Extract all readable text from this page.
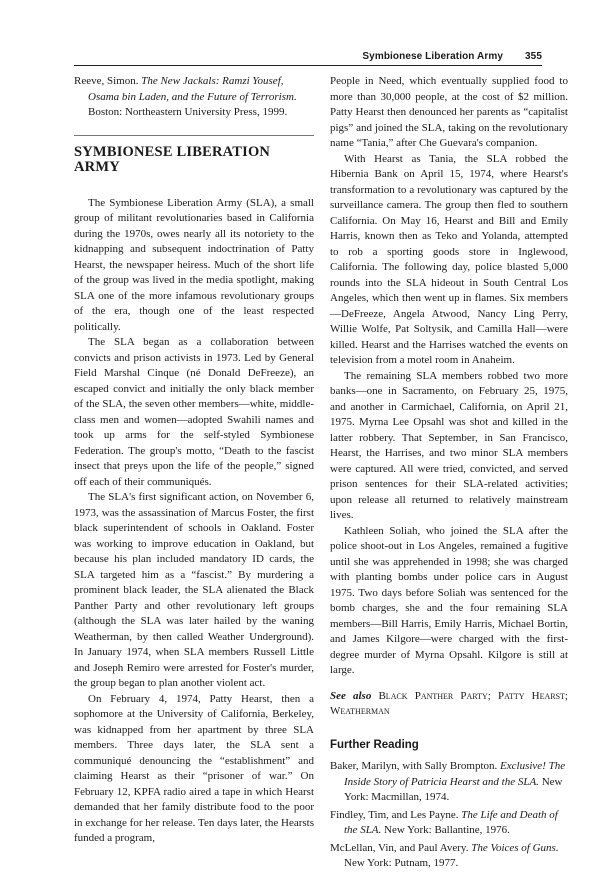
Symbionese Liberation Army 355

Reeve, Simon. The New Jackals: Ramzi Yousef, Osama bin Laden, and the Future of Terrorism. Boston: Northeastern University Press, 1999.

SYMBIONESE LIBERATION ARMY

The Symbionese Liberation Army (SLA), a small group of militant revolutionaries based in California during the 1970s, owes nearly all its notoriety to the kidnapping and subsequent indoctrination of Patty Hearst, the newspaper heiress. Much of the short life of the group was lived in the media spotlight, making SLA one of the more infamous revolutionary groups of the era, though one of the least respected politically.

The SLA began as a collaboration between convicts and prison activists in 1973. Led by General Field Marshal Cinque (né Donald DeFreeze), an escaped convict and initially the only black member of the SLA, the seven other members—white, middle-class men and women—adopted Swahili names and took up arms for the self-styled Symbionese Federation. The group's motto, “Death to the fascist insect that preys upon the life of the people,” signed off each of their communiqués.

The SLA's first significant action, on November 6, 1973, was the assassination of Marcus Foster, the first black superintendent of schools in Oakland. Foster was working to improve education in Oakland, but because his plan included mandatory ID cards, the SLA targeted him as a “fascist.” By murdering a prominent black leader, the SLA alienated the Black Panther Party and other revolutionary left groups (although the SLA was later hailed by the waning Weatherman, by then called Weather Underground). In January 1974, when SLA members Russell Little and Joseph Remiro were arrested for Foster's murder, the group began to plan another violent act.

On February 4, 1974, Patty Hearst, then a sophomore at the University of California, Berkeley, was kidnapped from her apartment by three SLA members. Three days later, the SLA sent a communiqué denouncing the “establishment” and claiming Hearst as their “prisoner of war.” On February 12, KPFA radio aired a tape in which Hearst demanded that her family distribute food to the poor in exchange for her release. Ten days later, the Hearsts funded a program,

People in Need, which eventually supplied food to more than 30,000 people, at the cost of $2 million. Patty Hearst then denounced her parents as “capitalist pigs” and joined the SLA, taking on the revolutionary name “Tania,” after Che Guevara's companion.

With Hearst as Tania, the SLA robbed the Hibernia Bank on April 15, 1974, where Hearst's transformation to a revolutionary was captured by the surveillance camera. The group then fled to southern California. On May 16, Hearst and Bill and Emily Harris, known then as Teko and Yolanda, attempted to rob a sporting goods store in Inglewood, California. The following day, police blasted 5,000 rounds into the SLA hideout in South Central Los Angeles, which then went up in flames. Six members—DeFreeze, Angela Atwood, Nancy Ling Perry, Willie Wolfe, Pat Soltysik, and Camilla Hall—were killed. Hearst and the Harrises watched the events on television from a motel room in Anaheim.

The remaining SLA members robbed two more banks—one in Sacramento, on February 25, 1975, and another in Carmichael, California, on April 21, 1975. Myrna Lee Opsahl was shot and killed in the latter robbery. That September, in San Francisco, Hearst, the Harrises, and two minor SLA members were captured. All were tried, convicted, and served prison sentences for their SLA-related activities; upon release all returned to relatively mainstream lives.

Kathleen Soliah, who joined the SLA after the police shoot-out in Los Angeles, remained a fugitive until she was apprehended in 1998; she was charged with planting bombs under police cars in August 1975. Two days before Soliah was sentenced for the bomb charges, she and the four remaining SLA members—Bill Harris, Emily Harris, Michael Bortin, and James Kilgore—were charged with the first-degree murder of Myrna Opsahl. Kilgore is still at large.

See also Black Panther Party; Patty Hearst; Weatherman

Further Reading

Baker, Marilyn, with Sally Brompton. Exclusive! The Inside Story of Patricia Hearst and the SLA. New York: Macmillan, 1974.

Findley, Tim, and Les Payne. The Life and Death of the SLA. New York: Ballantine, 1976.

McLellan, Vin, and Paul Avery. The Voices of Guns. New York: Putnam, 1977.
